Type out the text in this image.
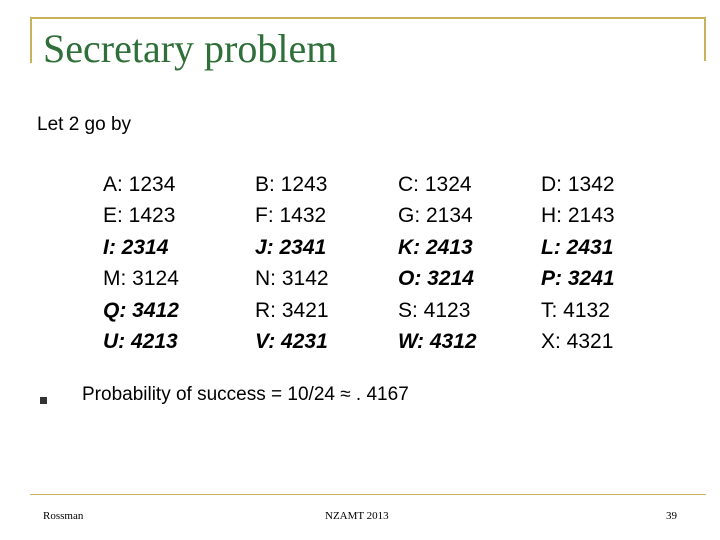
Secretary problem
Let 2 go by
A: 1234
E: 1423
I: 2314
M: 3124
Q: 3412
U: 4213
B: 1243
F: 1432
J: 2341
N: 3142
R: 3421
V: 4231
C: 1324
G: 2134
K: 2413
O: 3214
S: 4123
W: 4312
D: 1342
H: 2143
L: 2431
P: 3241
T: 4132
X: 4321
Probability of success = 10/24 ≈ . 4167
Rossman	NZAMT 2013	39
